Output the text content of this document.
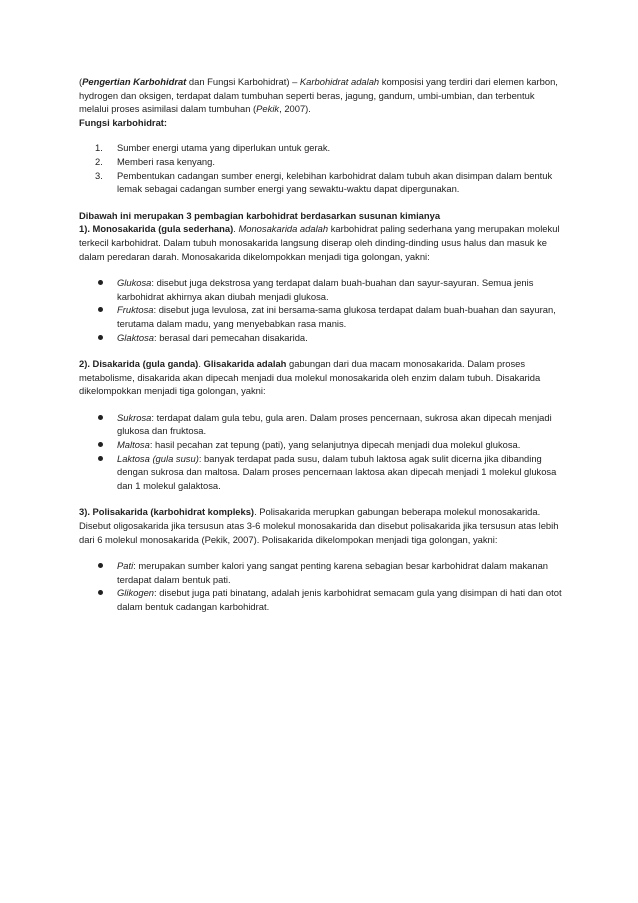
(Pengertian Karbohidrat dan Fungsi Karbohidrat) – Karbohidrat adalah komposisi yang terdiri dari elemen karbon, hydrogen dan oksigen, terdapat dalam tumbuhan seperti beras, jagung, gandum, umbi-umbian, dan terbentuk melalui proses asimilasi dalam tumbuhan (Pekik, 2007).

Fungsi karbohidrat:

1. Sumber energi utama yang diperlukan untuk gerak.
2. Memberi rasa kenyang.
3. Pembentukan cadangan sumber energi, kelebihan karbohidrat dalam tubuh akan disimpan dalam bentuk lemak sebagai cadangan sumber energi yang sewaktu-waktu dapat dipergunakan.

Dibawah ini merupakan 3 pembagian karbohidrat berdasarkan susunan kimianya

1). Monosakarida (gula sederhana). Monosakarida adalah karbohidrat paling sederhana yang merupakan molekul terkecil karbohidrat. Dalam tubuh monosakarida langsung diserap oleh dinding-dinding usus halus dan masuk ke dalam peredaran darah. Monosakarida dikelompokkan menjadi tiga golongan, yakni:

Glukosa: disebut juga dekstrosa yang terdapat dalam buah-buahan dan sayur-sayuran. Semua jenis karbohidrat akhirnya akan diubah menjadi glukosa.
Fruktosa: disebut juga levulosa, zat ini bersama-sama glukosa terdapat dalam buah-buahan dan sayuran, terutama dalam madu, yang menyebabkan rasa manis.
Glaktosa: berasal dari pemecahan disakarida.

2). Disakarida (gula ganda). Glisakarida adalah gabungan dari dua macam monosakarida. Dalam proses metabolisme, disakarida akan dipecah menjadi dua molekul monosakarida oleh enzim dalam tubuh. Disakarida dikelompokkan menjadi tiga golongan, yakni:

Sukrosa: terdapat dalam gula tebu, gula aren. Dalam proses pencernaan, sukrosa akan dipecah menjadi glukosa dan fruktosa.
Maltosa: hasil pecahan zat tepung (pati), yang selanjutnya dipecah menjadi dua molekul glukosa.
Laktosa (gula susu): banyak terdapat pada susu, dalam tubuh laktosa agak sulit dicerna jika dibanding dengan sukrosa dan maltosa. Dalam proses pencernaan laktosa akan dipecah menjadi 1 molekul glukosa dan 1 molekul galaktosa.

3). Polisakarida (karbohidrat kompleks). Polisakarida merupkan gabungan beberapa molekul monosakarida. Disebut oligosakarida jika tersusun atas 3-6 molekul monosakarida dan disebut polisakarida jika tersusun atas lebih dari 6 molekul monosakarida (Pekik, 2007). Polisakarida dikelompokan menjadi tiga golongan, yakni:

Pati: merupakan sumber kalori yang sangat penting karena sebagian besar karbohidrat dalam makanan terdapat dalam bentuk pati.
Glikogen: disebut juga pati binatang, adalah jenis karbohidrat semacam gula yang disimpan di hati dan otot dalam bentuk cadangan karbohidrat.
